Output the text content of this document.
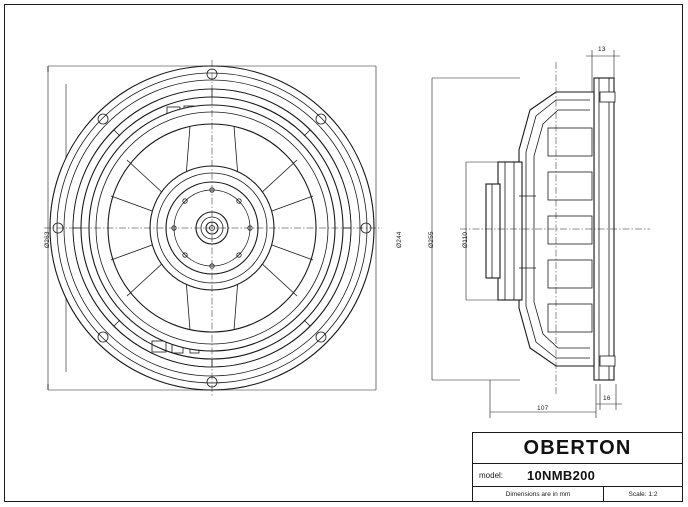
Ø263	Ø244	Ø255	Ø110
13
107
16
OBERTON
model:	10NMB200
Dimensions are in mm	Scale: 1:2
